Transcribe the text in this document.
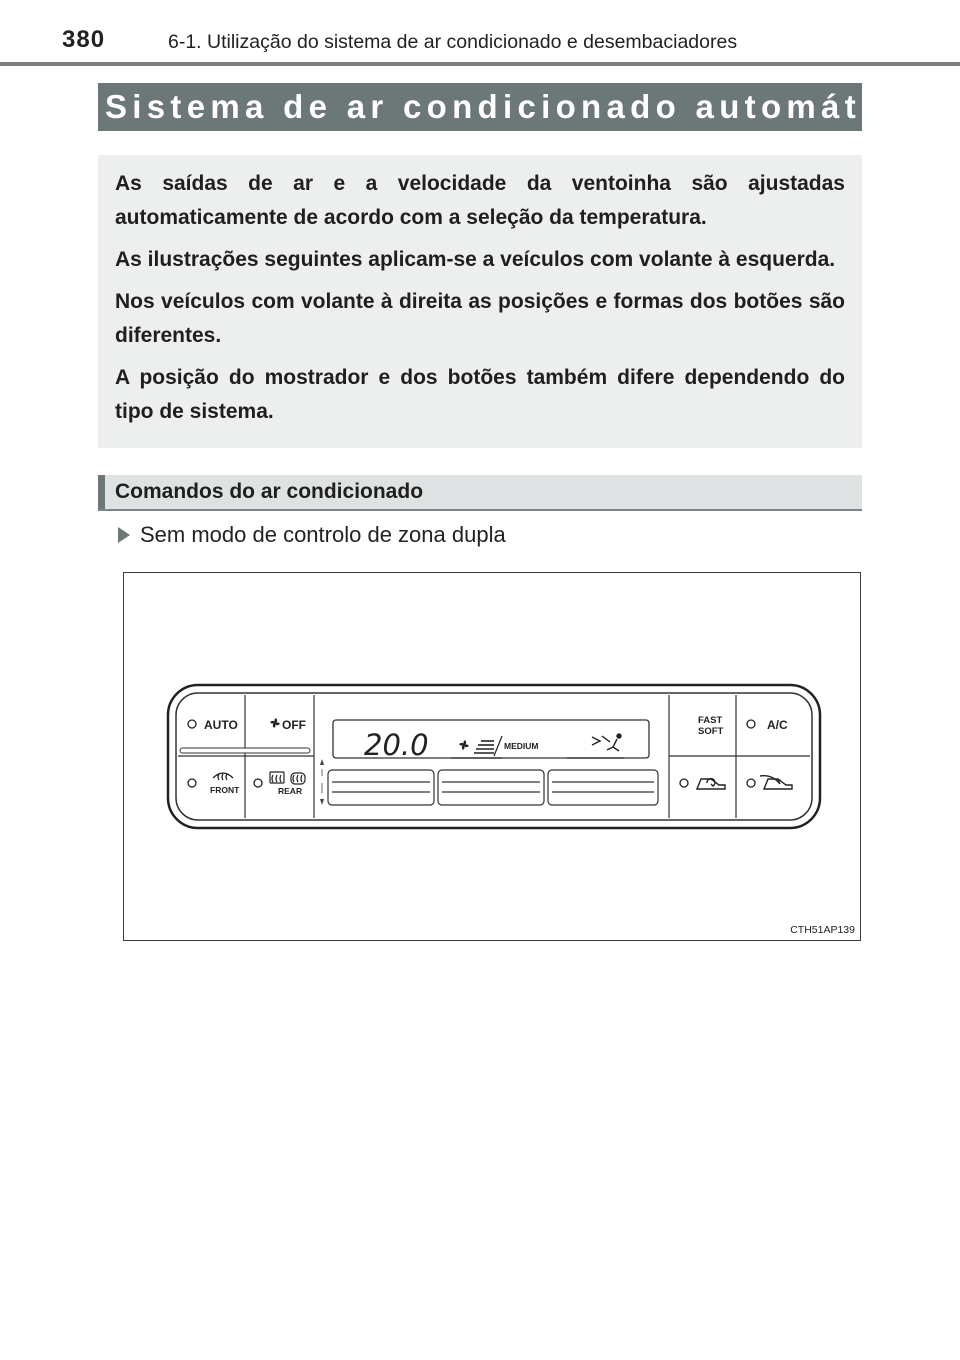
380	6-1. Utilização do sistema de ar condicionado e desembaciadores
Sistema de ar condicionado automático

As saídas de ar e a velocidade da ventoinha são ajustadas automaticamente de acordo com a seleção da temperatura.

As ilustrações seguintes aplicam-se a veículos com volante à esquerda.

Nos veículos com volante à direita as posições e formas dos botões são diferentes.

A posição do mostrador e dos botões também difere dependendo do tipo de sistema.

Comandos do ar condicionado
Sem modo de controlo de zona dupla
AUTO	OFF
FRONT	REAR
20.0	MEDIUM
FAST
SOFT	A/C
CTH51AP139
